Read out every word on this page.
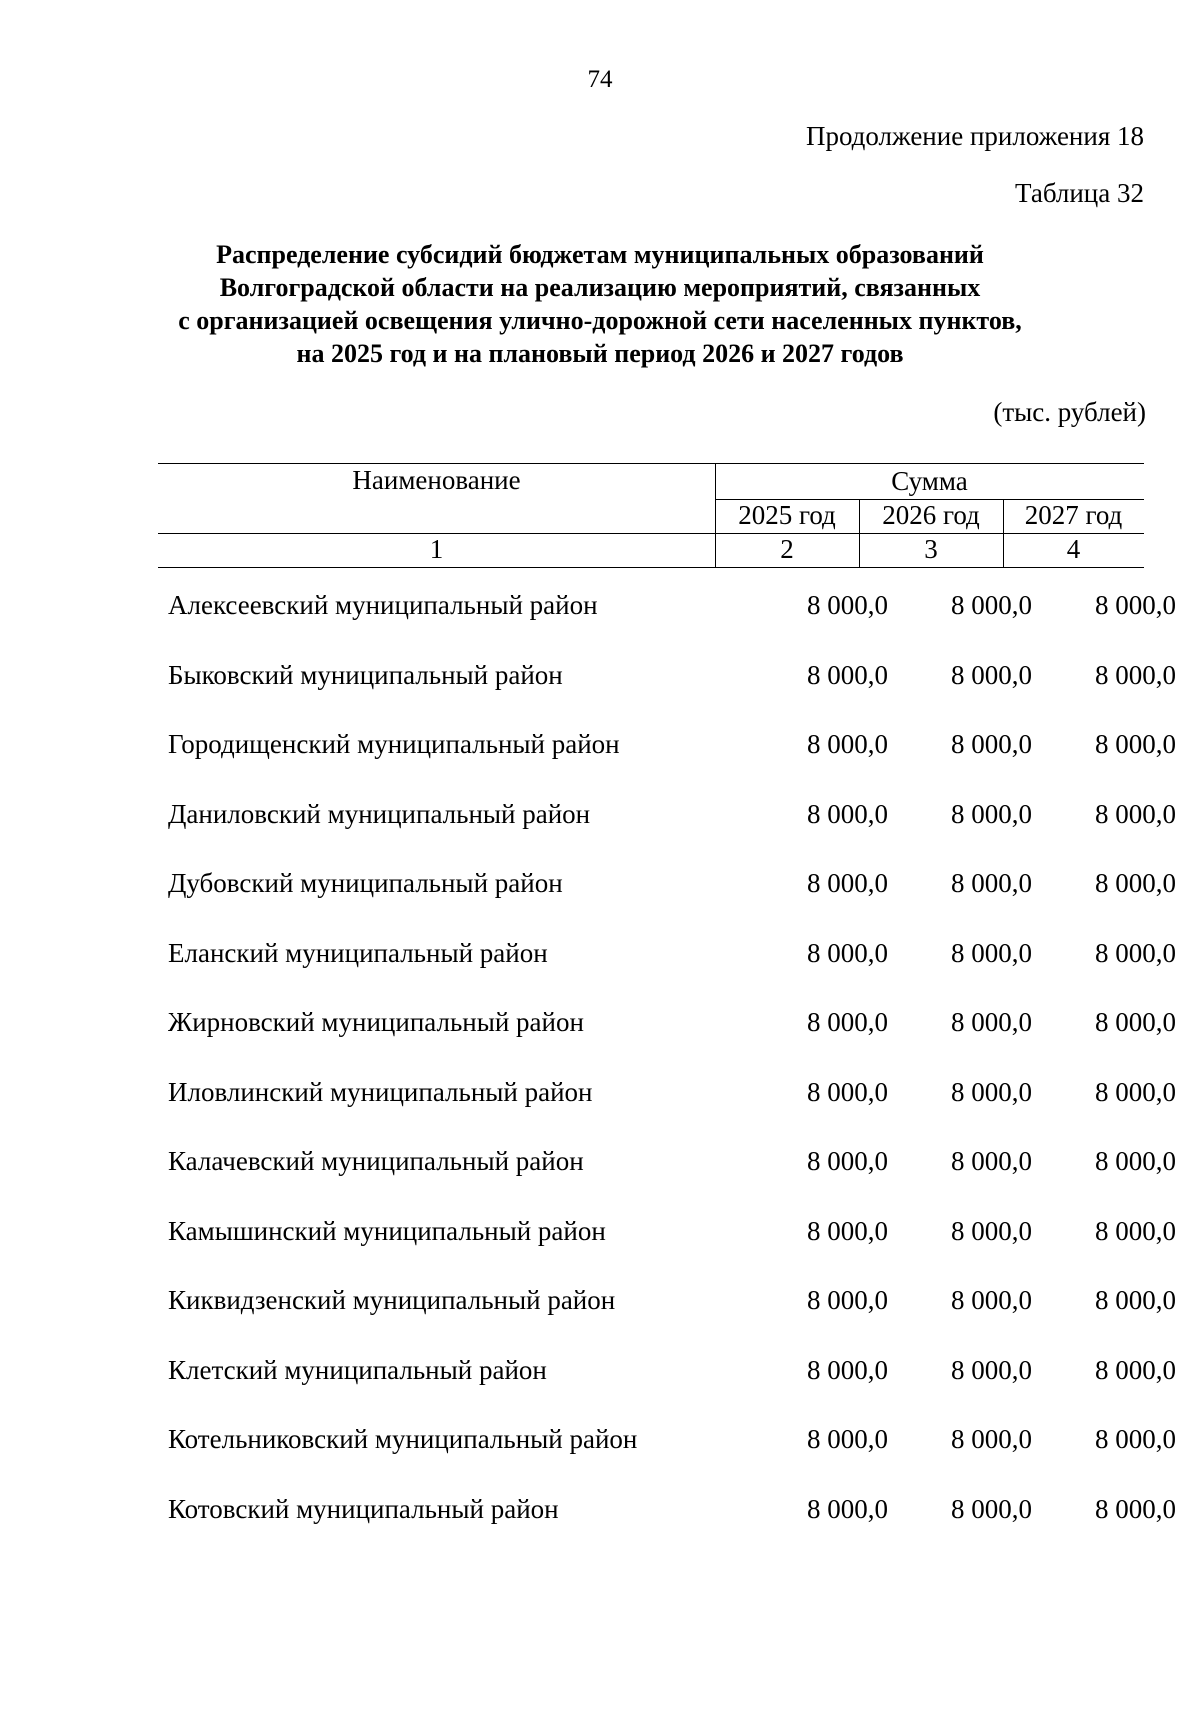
74
Продолжение приложения 18
Таблица 32
Распределение субсидий бюджетам муниципальных образований
Волгоградской области на реализацию мероприятий, связанных
с организацией освещения улично-дорожной сети населенных пунктов,
на 2025 год и на плановый период 2026 и 2027 годов
(тыс. рублей)
Наименование	Сумма
2025 год	2026 год	2027 год
1	2	3	4
Алексеевский муниципальный район	8 000,0	8 000,0	8 000,0
Быковский муниципальный район	8 000,0	8 000,0	8 000,0
Городищенский муниципальный район	8 000,0	8 000,0	8 000,0
Даниловский муниципальный район	8 000,0	8 000,0	8 000,0
Дубовский муниципальный район	8 000,0	8 000,0	8 000,0
Еланский муниципальный район	8 000,0	8 000,0	8 000,0
Жирновский муниципальный район	8 000,0	8 000,0	8 000,0
Иловлинский муниципальный район	8 000,0	8 000,0	8 000,0
Калачевский муниципальный район	8 000,0	8 000,0	8 000,0
Камышинский муниципальный район	8 000,0	8 000,0	8 000,0
Киквидзенский муниципальный район	8 000,0	8 000,0	8 000,0
Клетский муниципальный район	8 000,0	8 000,0	8 000,0
Котельниковский муниципальный район	8 000,0	8 000,0	8 000,0
Котовский муниципальный район	8 000,0	8 000,0	8 000,0
